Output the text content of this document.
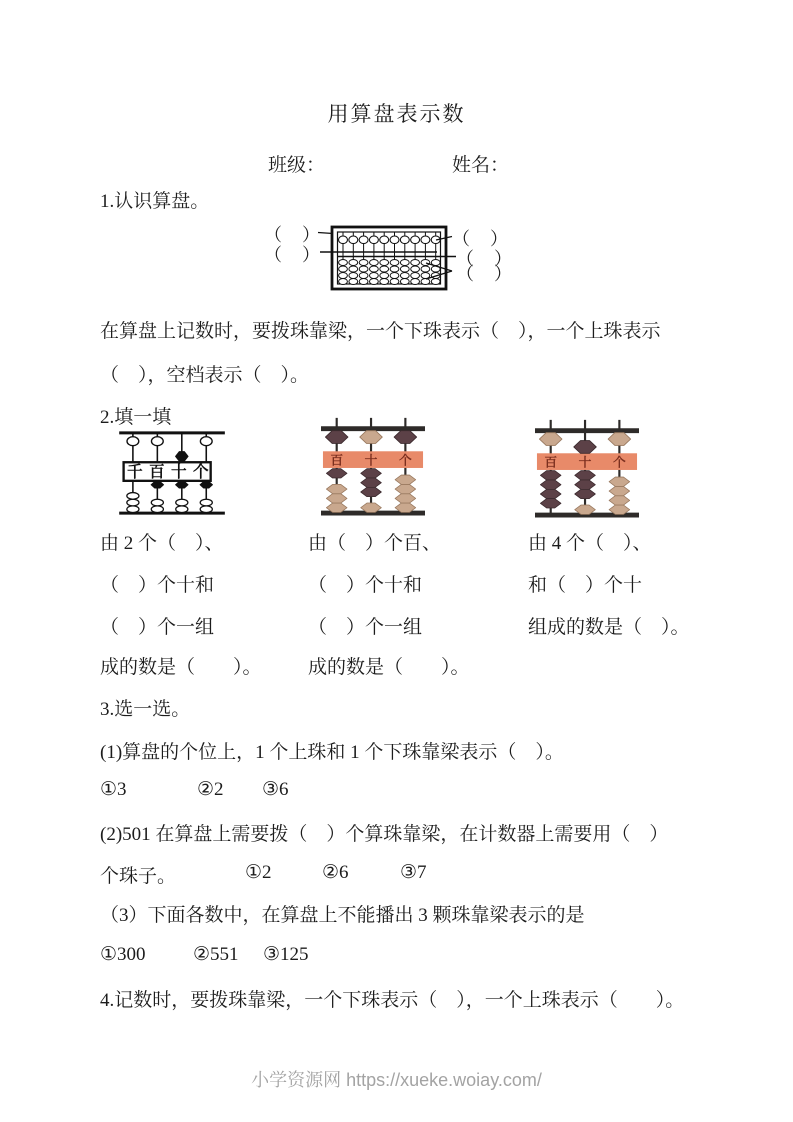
用算盘表示数
班级：	姓名：
1.认识算盘。
（　）
（　）
（　）
（　）
（　）
在算盘上记数时，要拨珠靠梁，一个下珠表示（　），一个上珠表示
（　），空档表示（　）。
2.填一填
千 百 十 个
百 十 个	百 十 个
由 2 个（　）、
（　）个十和
（　）个一组
成的数是（　　）。
由（　）个百、
（　）个十和
（　）个一组
成的数是（　　）。
由 4 个（　）、
和（　）个十
组成的数是（　）。
3.选一选。
(1)算盘的个位上，1 个上珠和 1 个下珠靠梁表示（　）。
①3	②2 ③6
(2)501 在算盘上需要拨（　）个算珠靠梁，在计数器上需要用（　）
个珠子。	①2	②6	③7
（3）下面各数中，在算盘上不能播出 3 颗珠靠梁表示的是
①300 ②551 ③125
4.记数时，要拨珠靠梁，一个下珠表示（　），一个上珠表示（　　）。
小学资源网 https://xueke.woiay.com/
